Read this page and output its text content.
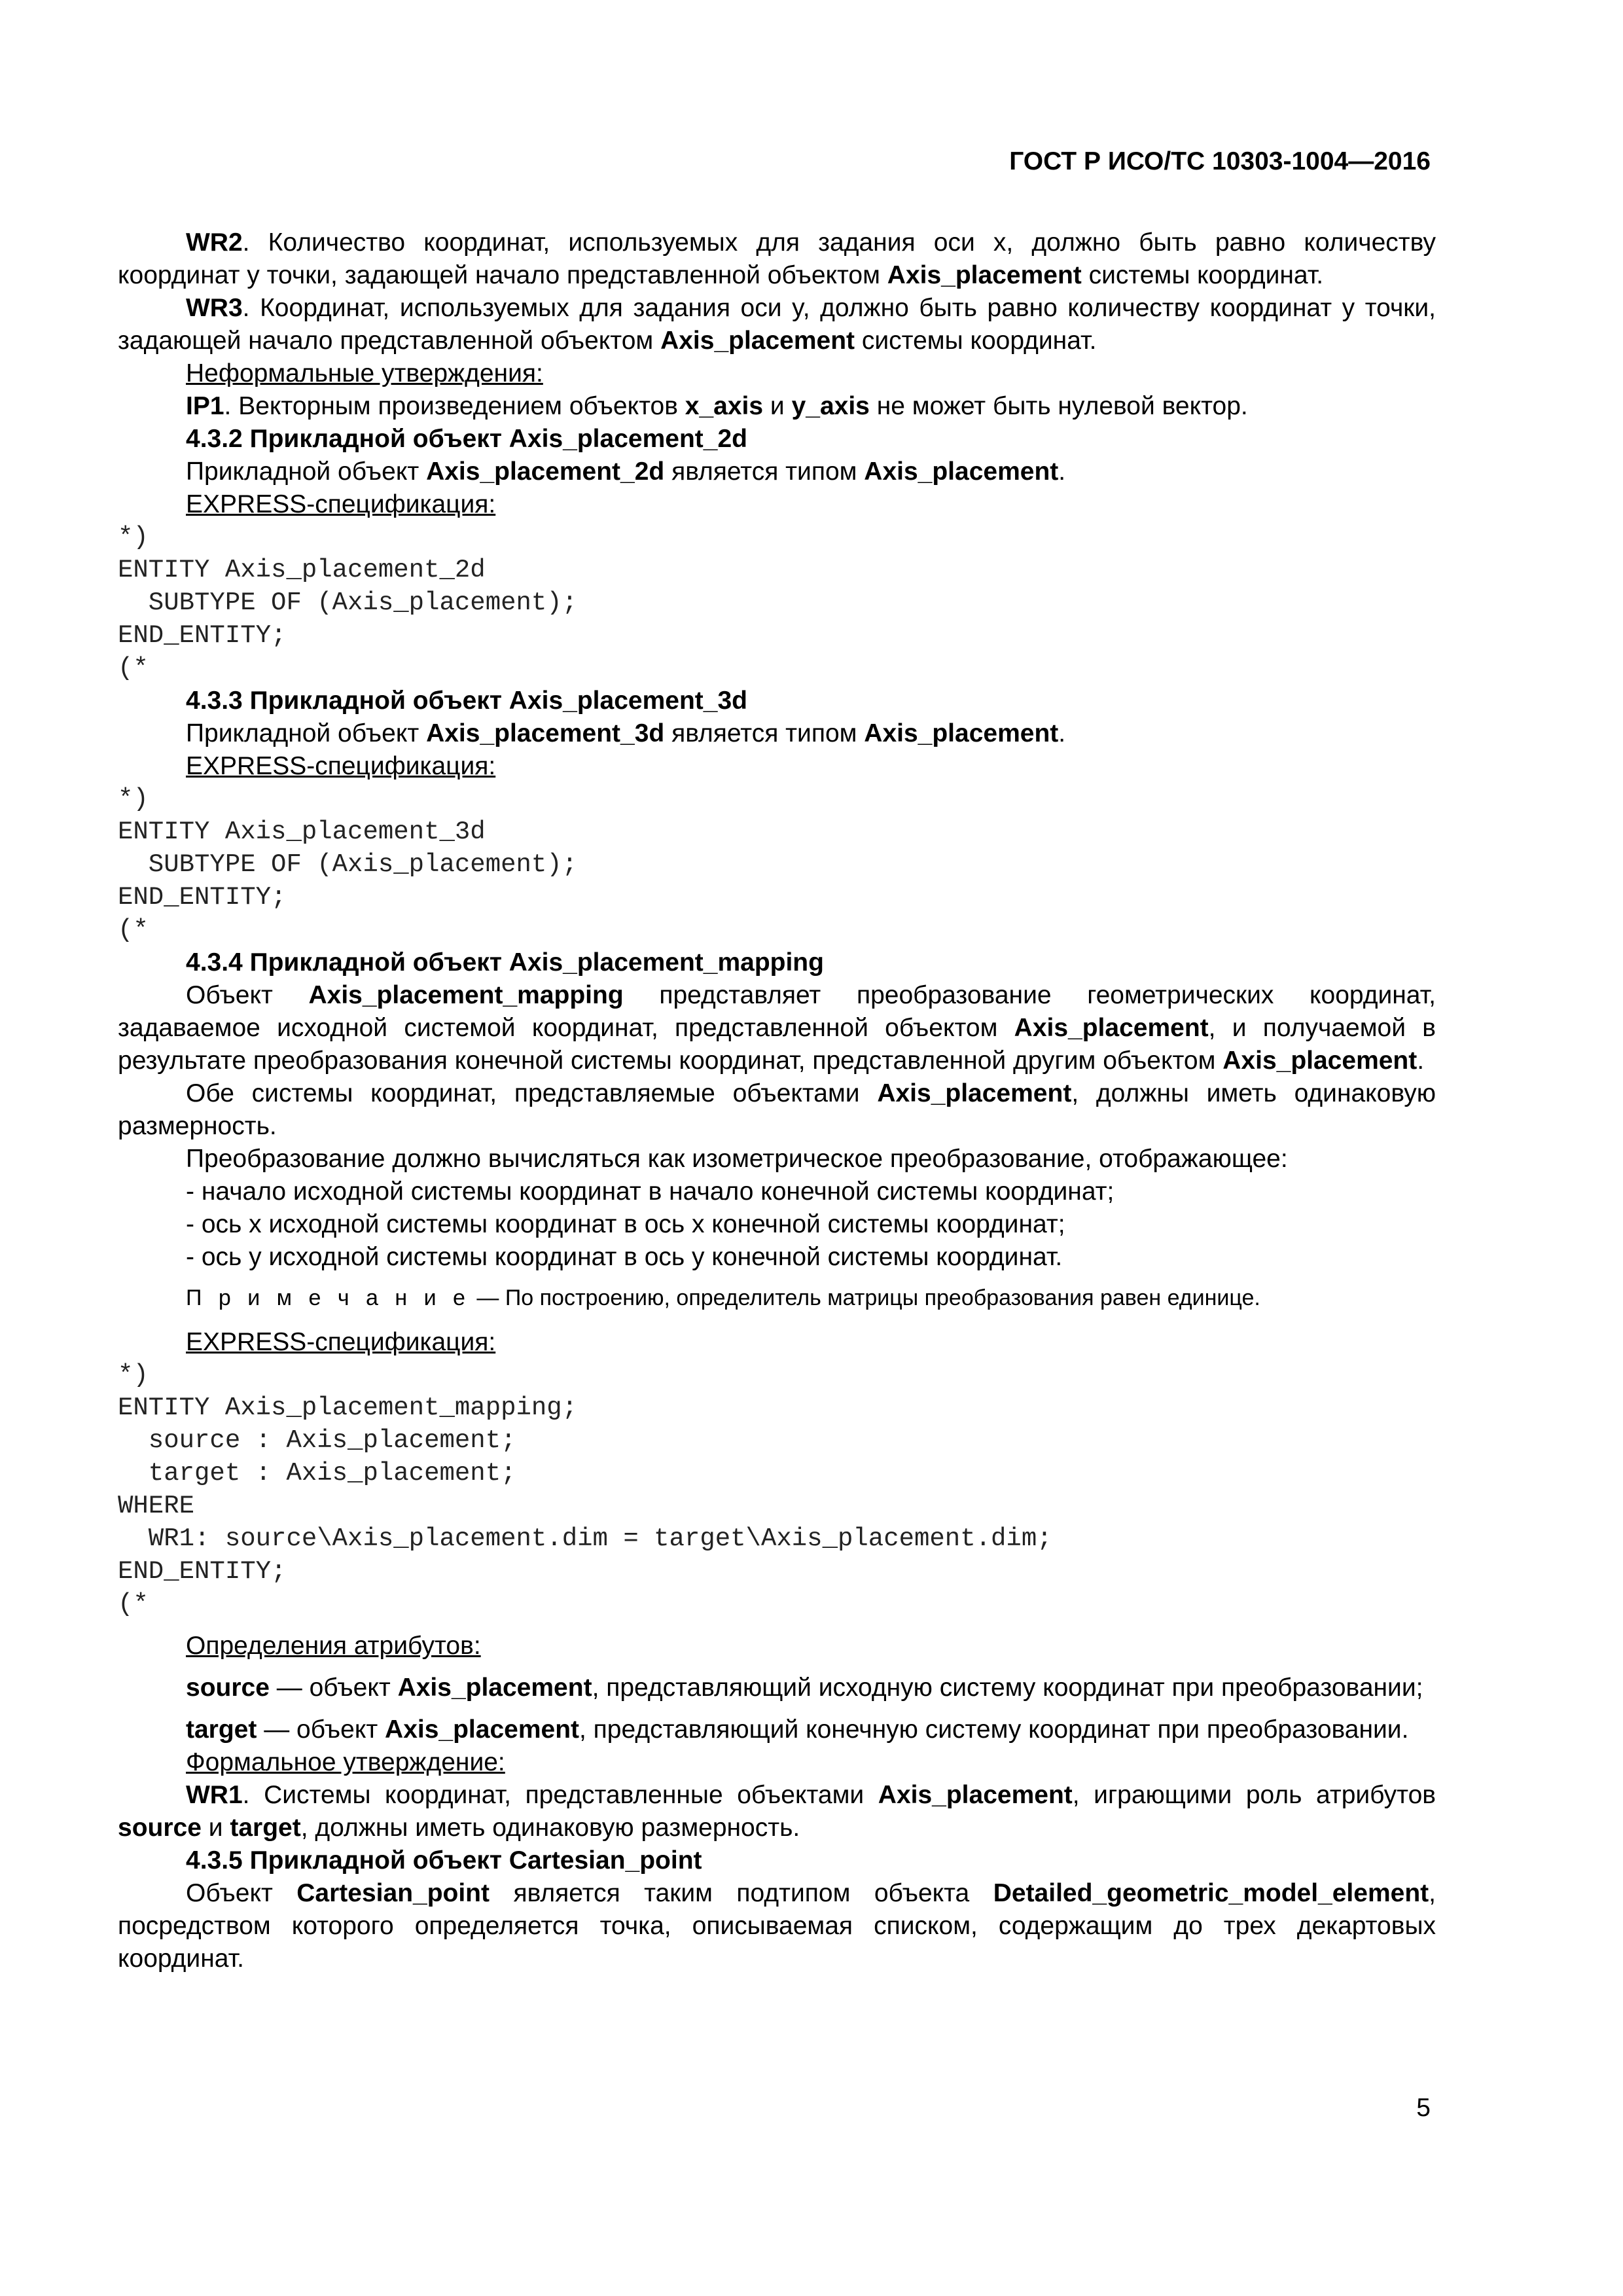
ГОСТ Р ИСО/ТС 10303-1004—2016

WR2. Количество координат, используемых для задания оси x, должно быть равно количеству координат у точки, задающей начало представленной объектом Axis_placement системы координат.

WR3. Координат, используемых для задания оси y, должно быть равно количеству координат у точки, задающей начало представленной объектом Axis_placement системы координат.

Неформальные утверждения:

IP1. Векторным произведением объектов x_axis и y_axis не может быть нулевой вектор.

4.3.2 Прикладной объект Axis_placement_2d

Прикладной объект Axis_placement_2d является типом Axis_placement.

EXPRESS-спецификация:

*)
ENTITY Axis_placement_2d
SUBTYPE OF (Axis_placement);
END_ENTITY;
(*

4.3.3 Прикладной объект Axis_placement_3d

Прикладной объект Axis_placement_3d является типом Axis_placement.

EXPRESS-спецификация:

*)
ENTITY Axis_placement_3d
SUBTYPE OF (Axis_placement);
END_ENTITY;
(*

4.3.4 Прикладной объект Axis_placement_mapping

Объект Axis_placement_mapping представляет преобразование геометрических координат, задаваемое исходной системой координат, представленной объектом Axis_placement, и получаемой в результате преобразования конечной системы координат, представленной другим объектом Axis_placement.

Обе системы координат, представляемые объектами Axis_placement, должны иметь одинаковую размерность.

Преобразование должно вычисляться как изометрическое преобразование, отображающее:

- начало исходной системы координат в начало конечной системы координат;

- ось x исходной системы координат в ось x конечной системы координат;

- ось y исходной системы координат в ось y конечной системы координат.

П р и м е ч а н и е — По построению, определитель матрицы преобразования равен единице.

EXPRESS-спецификация:

*)
ENTITY Axis_placement_mapping;
source : Axis_placement;
target : Axis_placement;
WHERE
WR1: source\Axis_placement.dim = target\Axis_placement.dim;
END_ENTITY;
(*

Определения атрибутов:

source — объект Axis_placement, представляющий исходную систему координат при преобразовании;

target — объект Axis_placement, представляющий конечную систему координат при преобразовании.

Формальное утверждение:

WR1. Системы координат, представленные объектами Axis_placement, играющими роль атрибутов source и target, должны иметь одинаковую размерность.

4.3.5 Прикладной объект Cartesian_point

Объект Cartesian_point является таким подтипом объекта Detailed_geometric_model_element, посредством которого определяется точка, описываемая списком, содержащим до трех декартовых координат.

5
